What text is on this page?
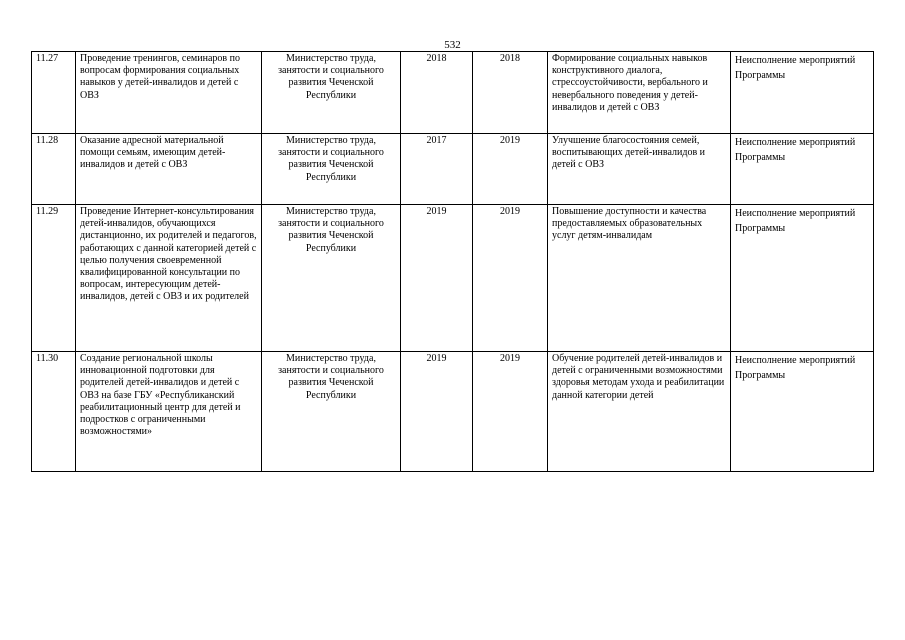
532
11.27	Проведение тренингов, семинаров по вопросам формирования социальных навыков у детей-инвалидов и детей с ОВЗ	Министерство труда, занятости и социального развития Чеченской Республики	2018	2018	Формирование социальных навыков конструктивного диалога, стрессоустойчивости, вербального и невербального поведения у детей-инвалидов и детей с ОВЗ	Неисполнение мероприятий Программы
11.28	Оказание адресной материальной помощи семьям, имеющим детей-инвалидов и детей с ОВЗ	Министерство труда, занятости и социального развития Чеченской Республики	2017	2019	Улучшение благосостояния семей, воспитывающих детей-инвалидов и детей с ОВЗ	Неисполнение мероприятий Программы
11.29	Проведение Интернет-консультирования детей-инвалидов, обучающихся дистанционно, их родителей и педагогов, работающих с данной категорией детей с целью получения своевременной квалифицированной консультации по вопросам, интересующим детей-инвалидов, детей с ОВЗ и их родителей	Министерство труда, занятости и социального развития Чеченской Республики	2019	2019	Повышение доступности и качества предоставляемых образовательных услуг детям-инвалидам	Неисполнение мероприятий Программы
11.30	Создание региональной школы инновационной подготовки для родителей детей-инвалидов и детей с ОВЗ на базе ГБУ «Республиканский реабилитационный центр для детей и подростков с ограниченными возможностями»	Министерство труда, занятости и социального развития Чеченской Республики	2019	2019	Обучение родителей детей-инвалидов и детей с ограниченными возможностями здоровья методам ухода и реабилитации данной категории детей	Неисполнение мероприятий Программы
